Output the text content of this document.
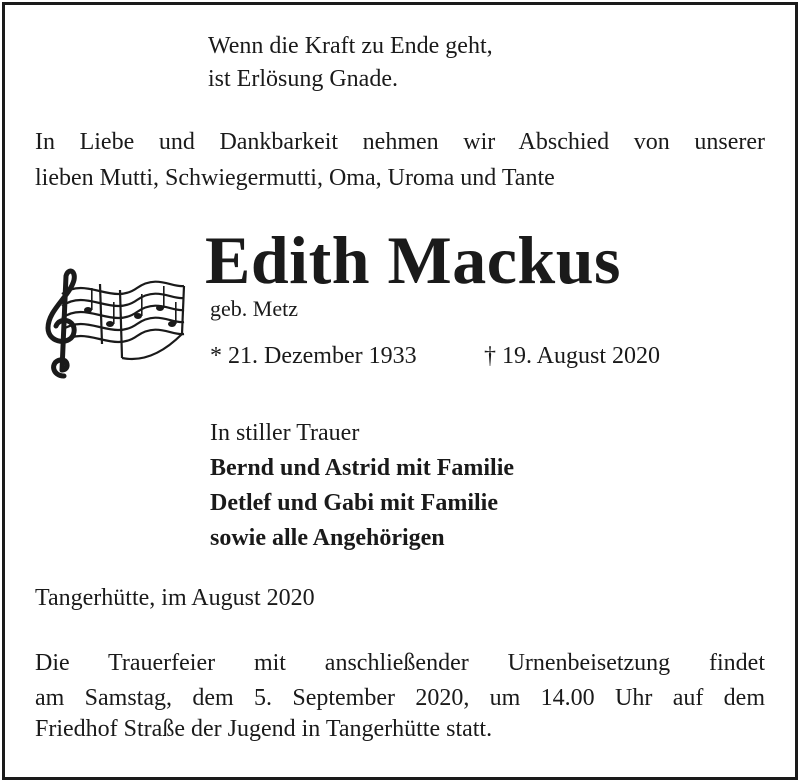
Wenn die Kraft zu Ende geht,
ist Erlösung Gnade.
In Liebe und Dankbarkeit nehmen wir Abschied von unserer
lieben Mutti, Schwiegermutti, Oma, Uroma und Tante
Edith Mackus
geb. Metz
* 21. Dezember 1933	† 19. August 2020
In stiller Trauer
Bernd und Astrid mit Familie
Detlef und Gabi mit Familie
sowie alle Angehörigen
Tangerhütte, im August 2020
Die Trauerfeier mit anschließender Urnenbeisetzung findet
am Samstag, dem 5. September 2020, um 14.00 Uhr auf dem
Friedhof Straße der Jugend in Tangerhütte statt.
